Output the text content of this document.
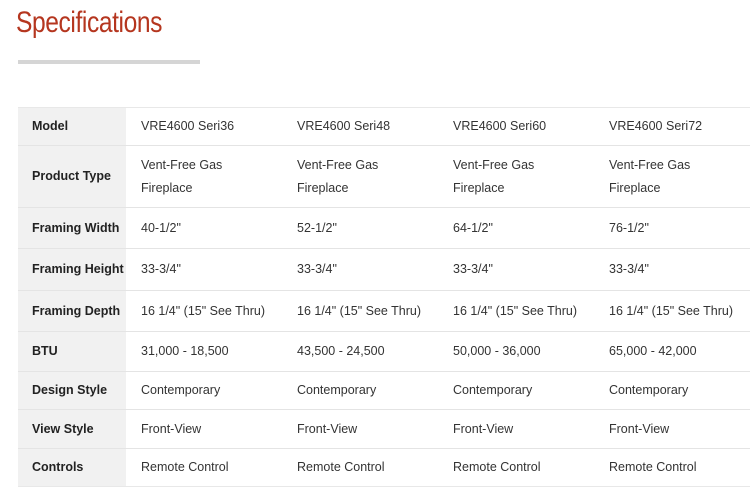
Specifications
Model	VRE4600 Seri36	VRE4600 Seri48	VRE4600 Seri60	VRE4600 Seri72
Product Type	Vent-Free Gas Fireplace	Vent-Free Gas Fireplace	Vent-Free Gas Fireplace	Vent-Free Gas Fireplace
Framing Width	40-1/2"	52-1/2"	64-1/2"	76-1/2"
Framing Height	33-3/4"	33-3/4"	33-3/4"	33-3/4"
Framing Depth	16 1/4" (15" See Thru)	16 1/4" (15" See Thru)	16 1/4" (15" See Thru)	16 1/4" (15" See Thru)
BTU	31,000 - 18,500	43,500 - 24,500	50,000 - 36,000	65,000 - 42,000
Design Style	Contemporary	Contemporary	Contemporary	Contemporary
View Style	Front-View	Front-View	Front-View	Front-View
Controls	Remote Control	Remote Control	Remote Control	Remote Control
